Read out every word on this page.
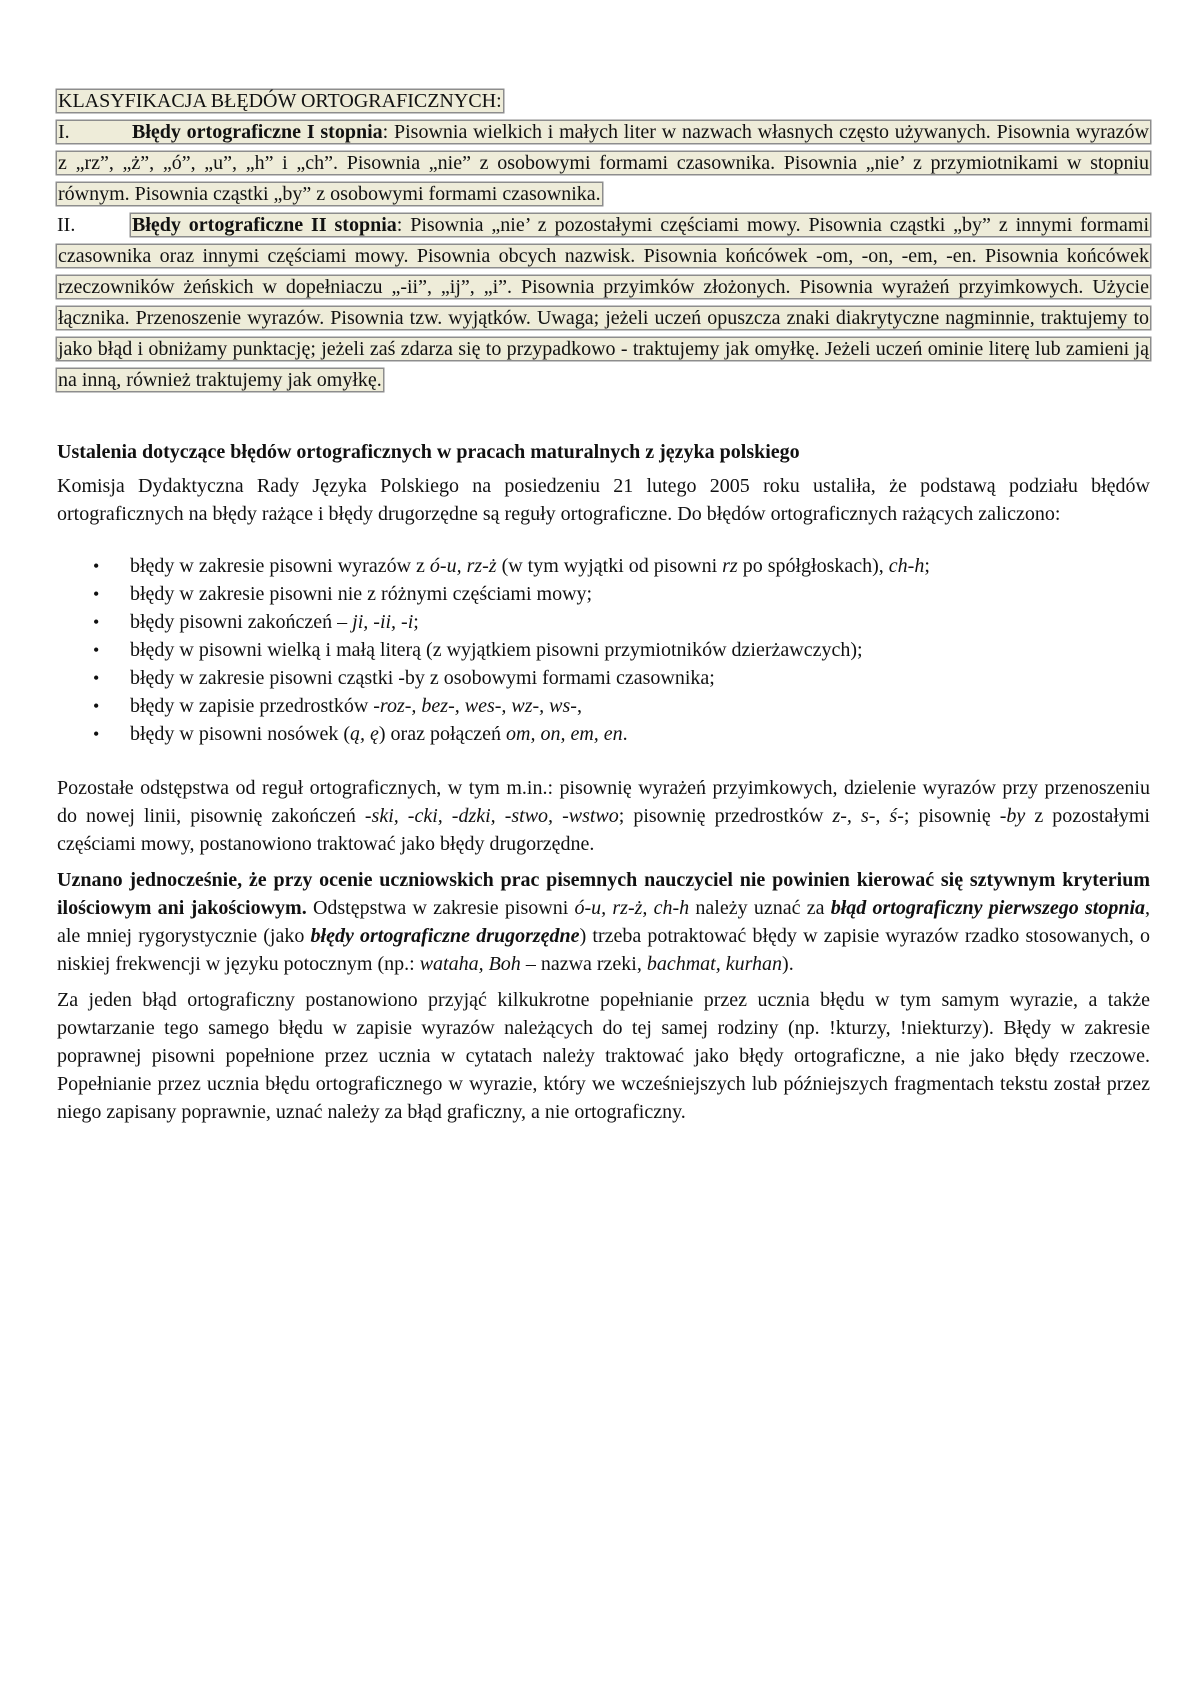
KLASYFIKACJA BŁĘDÓW ORTOGRAFICZNYCH:

I.	Błędy ortograficzne I stopnia: Pisownia wielkich i małych liter w nazwach własnych często używanych. Pisownia wyrazów z „rz”, „ż”, „ó”, „u”, „h” i „ch”. Pisownia „nie” z osobowymi formami czasownika. Pisownia „nie’ z przymiotnikami w stopniu równym. Pisownia cząstki „by” z osobowymi formami czasownika.

II.	Błędy ortograficzne II stopnia: Pisownia „nie’ z pozostałymi częściami mowy. Pisownia cząstki „by” z innymi formami czasownika oraz innymi częściami mowy. Pisownia obcych nazwisk. Pisownia końcówek -om, -on, -em, -en. Pisownia końcówek rzeczowników żeńskich w dopełniaczu „-ii”, „ij”, „i”. Pisownia przyimków złożonych. Pisownia wyrażeń przyimkowych. Użycie łącznika. Przenoszenie wyrazów. Pisownia tzw. wyjątków. Uwaga; jeżeli uczeń opuszcza znaki diakrytyczne nagminnie, traktujemy to jako błąd i obniżamy punktację; jeżeli zaś zdarza się to przypadkowo - traktujemy jak omyłkę. Jeżeli uczeń ominie literę lub zamieni ją na inną, również traktujemy jak omyłkę.

Ustalenia dotyczące błędów ortograficznych w pracach maturalnych z języka polskiego

Komisja Dydaktyczna Rady Języka Polskiego na posiedzeniu 21 lutego 2005 roku ustaliła, że podstawą podziału błędów ortograficznych na błędy rażące i błędy drugorzędne są reguły ortograficzne. Do błędów ortograficznych rażących zaliczono:

• błędy w zakresie pisowni wyrazów z ó-u, rz-ż (w tym wyjątki od pisowni rz po spółgłoskach), ch-h;
• błędy w zakresie pisowni nie z różnymi częściami mowy;
• błędy pisowni zakończeń – ji, -ii, -i;
• błędy w pisowni wielką i małą literą (z wyjątkiem pisowni przymiotników dzierżawczych);
• błędy w zakresie pisowni cząstki -by z osobowymi formami czasownika;
• błędy w zapisie przedrostków -roz-, bez-, wes-, wz-, ws-,
• błędy w pisowni nosówek (ą, ę) oraz połączeń om, on, em, en.

Pozostałe odstępstwa od reguł ortograficznych, w tym m.in.: pisownię wyrażeń przyimkowych, dzielenie wyrazów przy przenoszeniu do nowej linii, pisownię zakończeń -ski, -cki, -dzki, -stwo, -wstwo; pisownię przedrostków z-, s-, ś-; pisownię -by z pozostałymi częściami mowy, postanowiono traktować jako błędy drugorzędne.

Uznano jednocześnie, że przy ocenie uczniowskich prac pisemnych nauczyciel nie powinien kierować się sztywnym kryterium ilościowym ani jakościowym. Odstępstwa w zakresie pisowni ó-u, rz-ż, ch-h należy uznać za błąd ortograficzny pierwszego stopnia, ale mniej rygorystycznie (jako błędy ortograficzne drugorzędne) trzeba potraktować błędy w zapisie wyrazów rzadko stosowanych, o niskiej frekwencji w języku potocznym (np.: wataha, Boh – nazwa rzeki, bachmat, kurhan).

Za jeden błąd ortograficzny postanowiono przyjąć kilkukrotne popełnianie przez ucznia błędu w tym samym wyrazie, a także powtarzanie tego samego błędu w zapisie wyrazów należących do tej samej rodziny (np. !kturzy, !niekturzy). Błędy w zakresie poprawnej pisowni popełnione przez ucznia w cytatach należy traktować jako błędy ortograficzne, a nie jako błędy rzeczowe. Popełnianie przez ucznia błędu ortograficznego w wyrazie, który we wcześniejszych lub późniejszych fragmentach tekstu został przez niego zapisany poprawnie, uznać należy za błąd graficzny, a nie ortograficzny.
